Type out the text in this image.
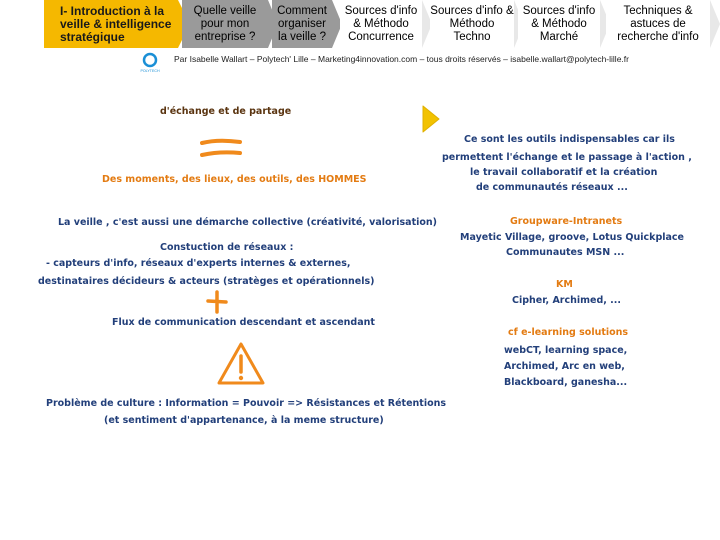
I- Introduction à la veille & intelligence stratégique
Quelle veille pour mon entreprise ?
Comment organiser la veille ?
Sources d'info & Méthodo Concurrence
Sources d'info & Méthodo Techno
Sources d'info & Méthodo Marché
Techniques & astuces de recherche d'info
POLYTECH
Par Isabelle Wallart – Polytech' Lille – Marketing4innovation.com – tous droits réservés – isabelle.wallart@polytech-lille.fr
d'échange et de partage
Des moments, des lieux, des outils, des HOMMES
La veille , c'est aussi une démarche collective (créativité, valorisation)
Constuction de réseaux :
- capteurs d'info, réseaux d'experts internes & externes,
destinataires décideurs & acteurs (stratèges et opérationnels)
Flux de communication descendant et ascendant
Problème de culture : Information = Pouvoir => Résistances et Rétentions
(et sentiment d'appartenance, à la meme structure)
Ce sont les outils indispensables car ils
permettent l'échange et le passage à l'action ,
le travail collaboratif et la création
de communautés réseaux ...
Groupware-Intranets
Mayetic Village, groove, Lotus Quickplace
Communautes MSN ...
KM
Cipher, Archimed, ...
cf e-learning solutions
webCT, learning space,
Archimed, Arc en web,
Blackboard, ganesha...
